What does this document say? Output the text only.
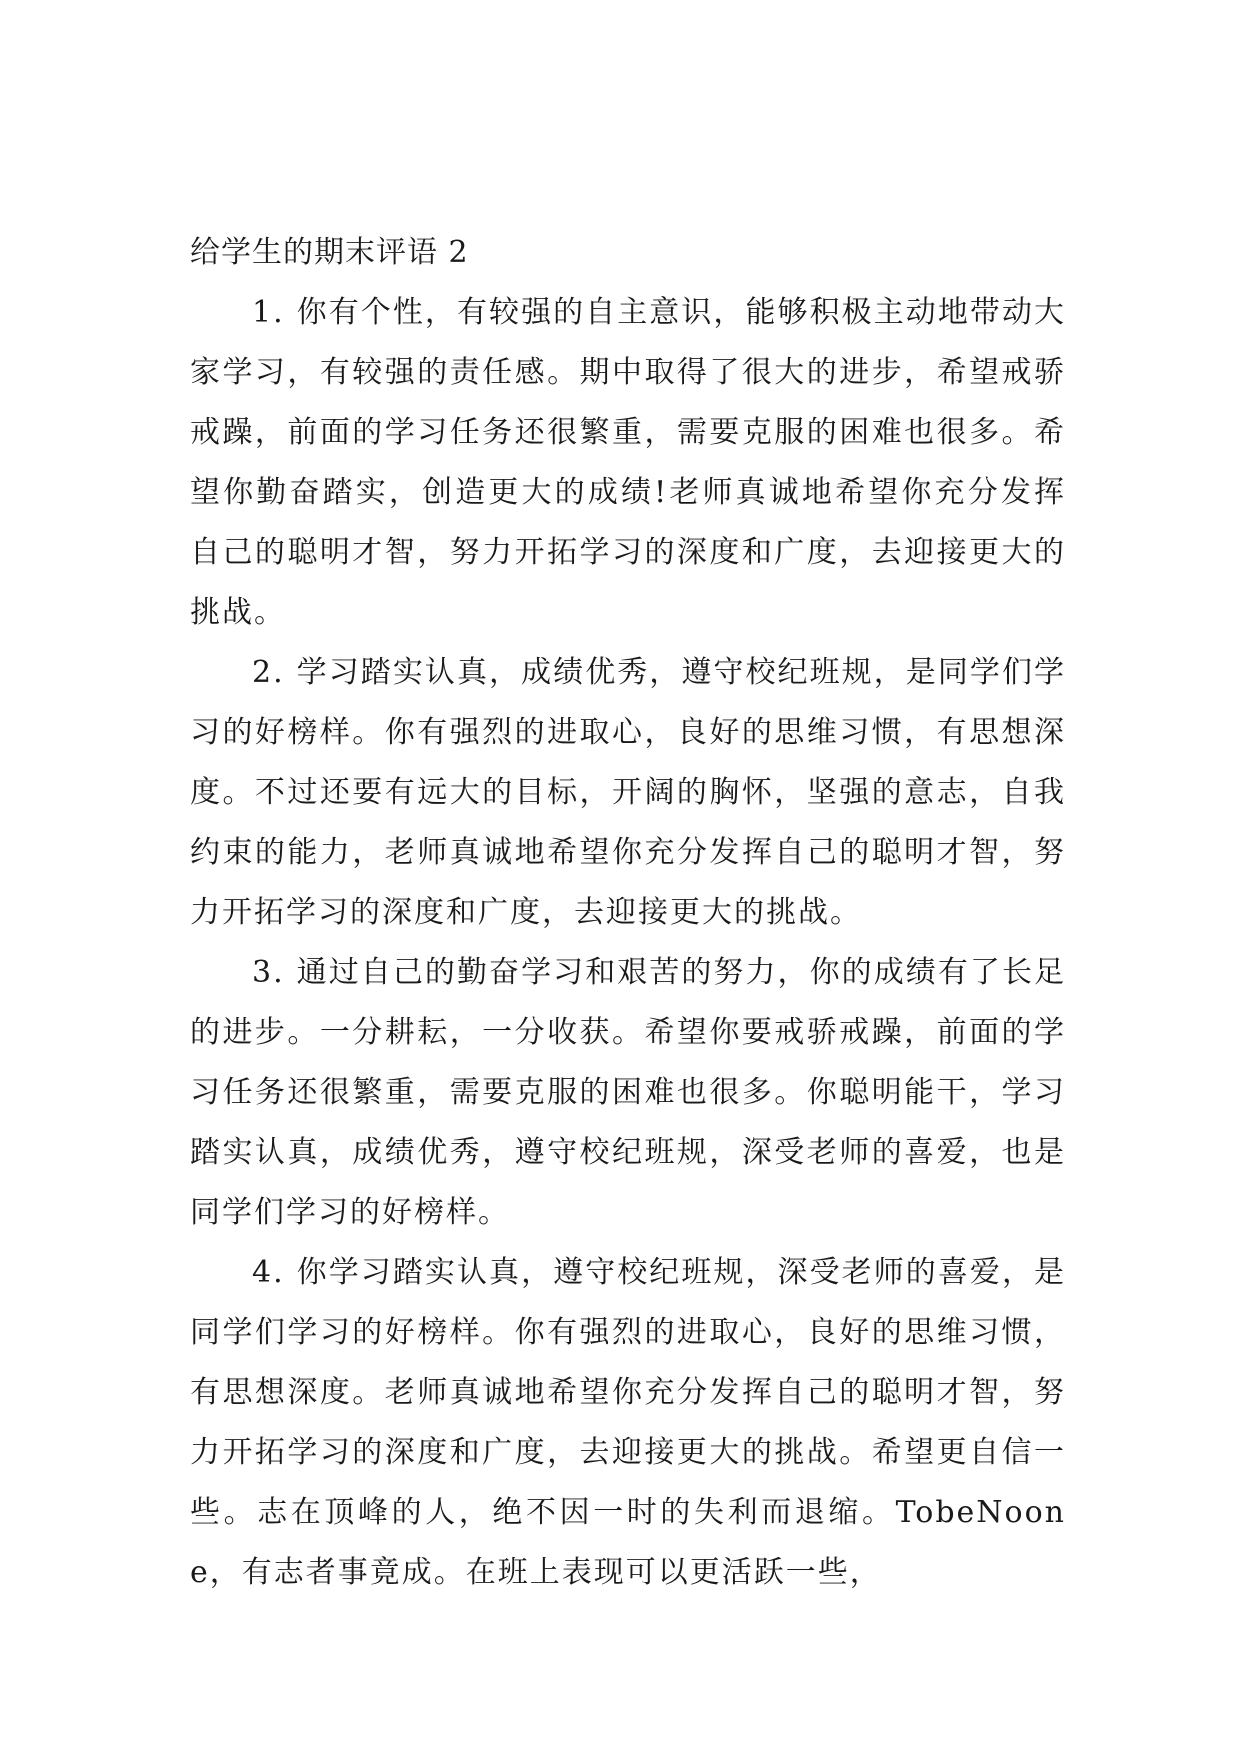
给学生的期末评语 2

1. 你有个性，有较强的自主意识，能够积极主动地带动大家学习，有较强的责任感。期中取得了很大的进步，希望戒骄戒躁，前面的学习任务还很繁重，需要克服的困难也很多。希望你勤奋踏实，创造更大的成绩!老师真诚地希望你充分发挥自己的聪明才智，努力开拓学习的深度和广度，去迎接更大的挑战。

2. 学习踏实认真，成绩优秀，遵守校纪班规，是同学们学习的好榜样。你有强烈的进取心，良好的思维习惯，有思想深度。不过还要有远大的目标，开阔的胸怀，坚强的意志，自我约束的能力，老师真诚地希望你充分发挥自己的聪明才智，努力开拓学习的深度和广度，去迎接更大的挑战。

3. 通过自己的勤奋学习和艰苦的努力，你的成绩有了长足的进步。一分耕耘，一分收获。希望你要戒骄戒躁，前面的学习任务还很繁重，需要克服的困难也很多。你聪明能干，学习踏实认真，成绩优秀，遵守校纪班规，深受老师的喜爱，也是同学们学习的好榜样。

4. 你学习踏实认真，遵守校纪班规，深受老师的喜爱，是同学们学习的好榜样。你有强烈的进取心，良好的思维习惯，有思想深度。老师真诚地希望你充分发挥自己的聪明才智，努力开拓学习的深度和广度，去迎接更大的挑战。希望更自信一些。志在顶峰的人，绝不因一时的失利而退缩。TobeNoone，有志者事竟成。在班上表现可以更活跃一些，
